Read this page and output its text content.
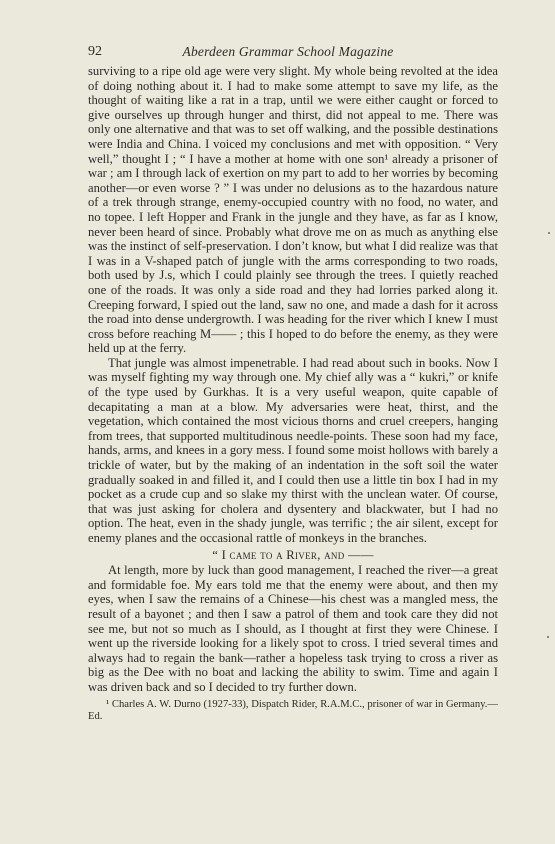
92	Aberdeen Grammar School Magazine

surviving to a ripe old age were very slight. My whole being revolted at the idea of doing nothing about it. I had to make some attempt to save my life, as the thought of waiting like a rat in a trap, until we were either caught or forced to give ourselves up through hunger and thirst, did not appeal to me. There was only one alternative and that was to set off walking, and the possible destinations were India and China. I voiced my conclusions and met with opposition. “ Very well,” thought I ; “ I have a mother at home with one son¹ already a prisoner of war ; am I through lack of exertion on my part to add to her worries by becoming another—or even worse ? ” I was under no delusions as to the hazardous nature of a trek through strange, enemy-occupied country with no food, no water, and no topee. I left Hopper and Frank in the jungle and they have, as far as I know, never been heard of since. Probably what drove me on as much as anything else was the instinct of self-preservation. I don’t know, but what I did realize was that I was in a V-shaped patch of jungle with the arms corresponding to two roads, both used by J.s, which I could plainly see through the trees. I quietly reached one of the roads. It was only a side road and they had lorries parked along it. Creeping forward, I spied out the land, saw no one, and made a dash for it across the road into dense undergrowth. I was heading for the river which I knew I must cross before reaching M—— ; this I hoped to do before the enemy, as they were held up at the ferry.

That jungle was almost impenetrable. I had read about such in books. Now I was myself fighting my way through one. My chief ally was a “ kukri,” or knife of the type used by Gurkhas. It is a very useful weapon, quite capable of decapitating a man at a blow. My adversaries were heat, thirst, and the vegetation, which contained the most vicious thorns and cruel creepers, hanging from trees, that supported multitudinous needle-points. These soon had my face, hands, arms, and knees in a gory mess. I found some moist hollows with barely a trickle of water, but by the making of an indentation in the soft soil the water gradually soaked in and filled it, and I could then use a little tin box I had in my pocket as a crude cup and so slake my thirst with the unclean water. Of course, that was just asking for cholera and dysentery and blackwater, but I had no option. The heat, even in the shady jungle, was terrific ; the air silent, except for enemy planes and the occasional rattle of monkeys in the branches.

“ I came to a River, and ——

At length, more by luck than good management, I reached the river—a great and formidable foe. My ears told me that the enemy were about, and then my eyes, when I saw the remains of a Chinese—his chest was a mangled mess, the result of a bayonet ; and then I saw a patrol of them and took care they did not see me, but not so much as I should, as I thought at first they were Chinese. I went up the riverside looking for a likely spot to cross. I tried several times and always had to regain the bank—rather a hopeless task trying to cross a river as big as the Dee with no boat and lacking the ability to swim. Time and again I was driven back and so I decided to try further down.

¹ Charles A. W. Durno (1927-33), Dispatch Rider, R.A.M.C., prisoner of war in Germany.—Ed.
